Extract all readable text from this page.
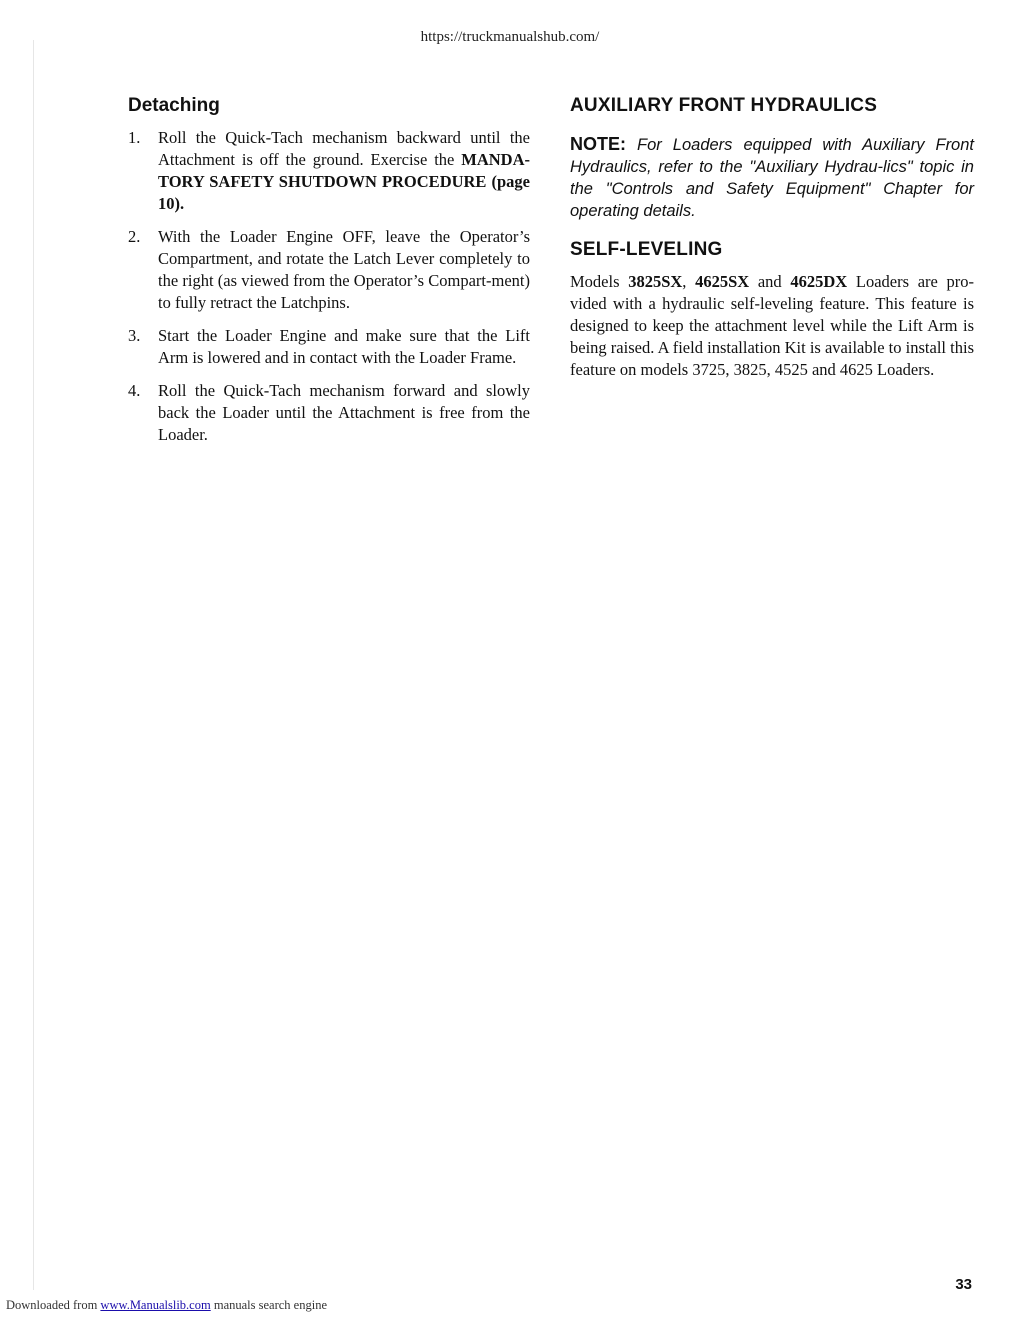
https://truckmanualshub.com/
Detaching
1.	Roll the Quick-Tach mechanism backward until the Attachment is off the ground. Exercise the MANDA-TORY SAFETY SHUTDOWN PROCEDURE (page 10).
2.	With the Loader Engine OFF, leave the Operator’s Compartment, and rotate the Latch Lever completely to the right (as viewed from the Operator’s Compart-ment) to fully retract the Latchpins.
3.	Start the Loader Engine and make sure that the Lift Arm is lowered and in contact with the Loader Frame.
4.	Roll the Quick-Tach mechanism forward and slowly back the Loader until the Attachment is free from the Loader.
AUXILIARY FRONT HYDRAULICS

NOTE: For Loaders equipped with Auxiliary Front Hydraulics, refer to the "Auxiliary Hydrau-lics" topic in the "Controls and Safety Equipment" Chapter for operating details.

SELF-LEVELING

Models 3825SX, 4625SX and 4625DX Loaders are pro-vided with a hydraulic self-leveling feature. This feature is designed to keep the attachment level while the Lift Arm is being raised. A field installation Kit is available to install this feature on models 3725, 3825, 4525 and 4625 Loaders.

33
Downloaded from www.Manualslib.com manuals search engine
